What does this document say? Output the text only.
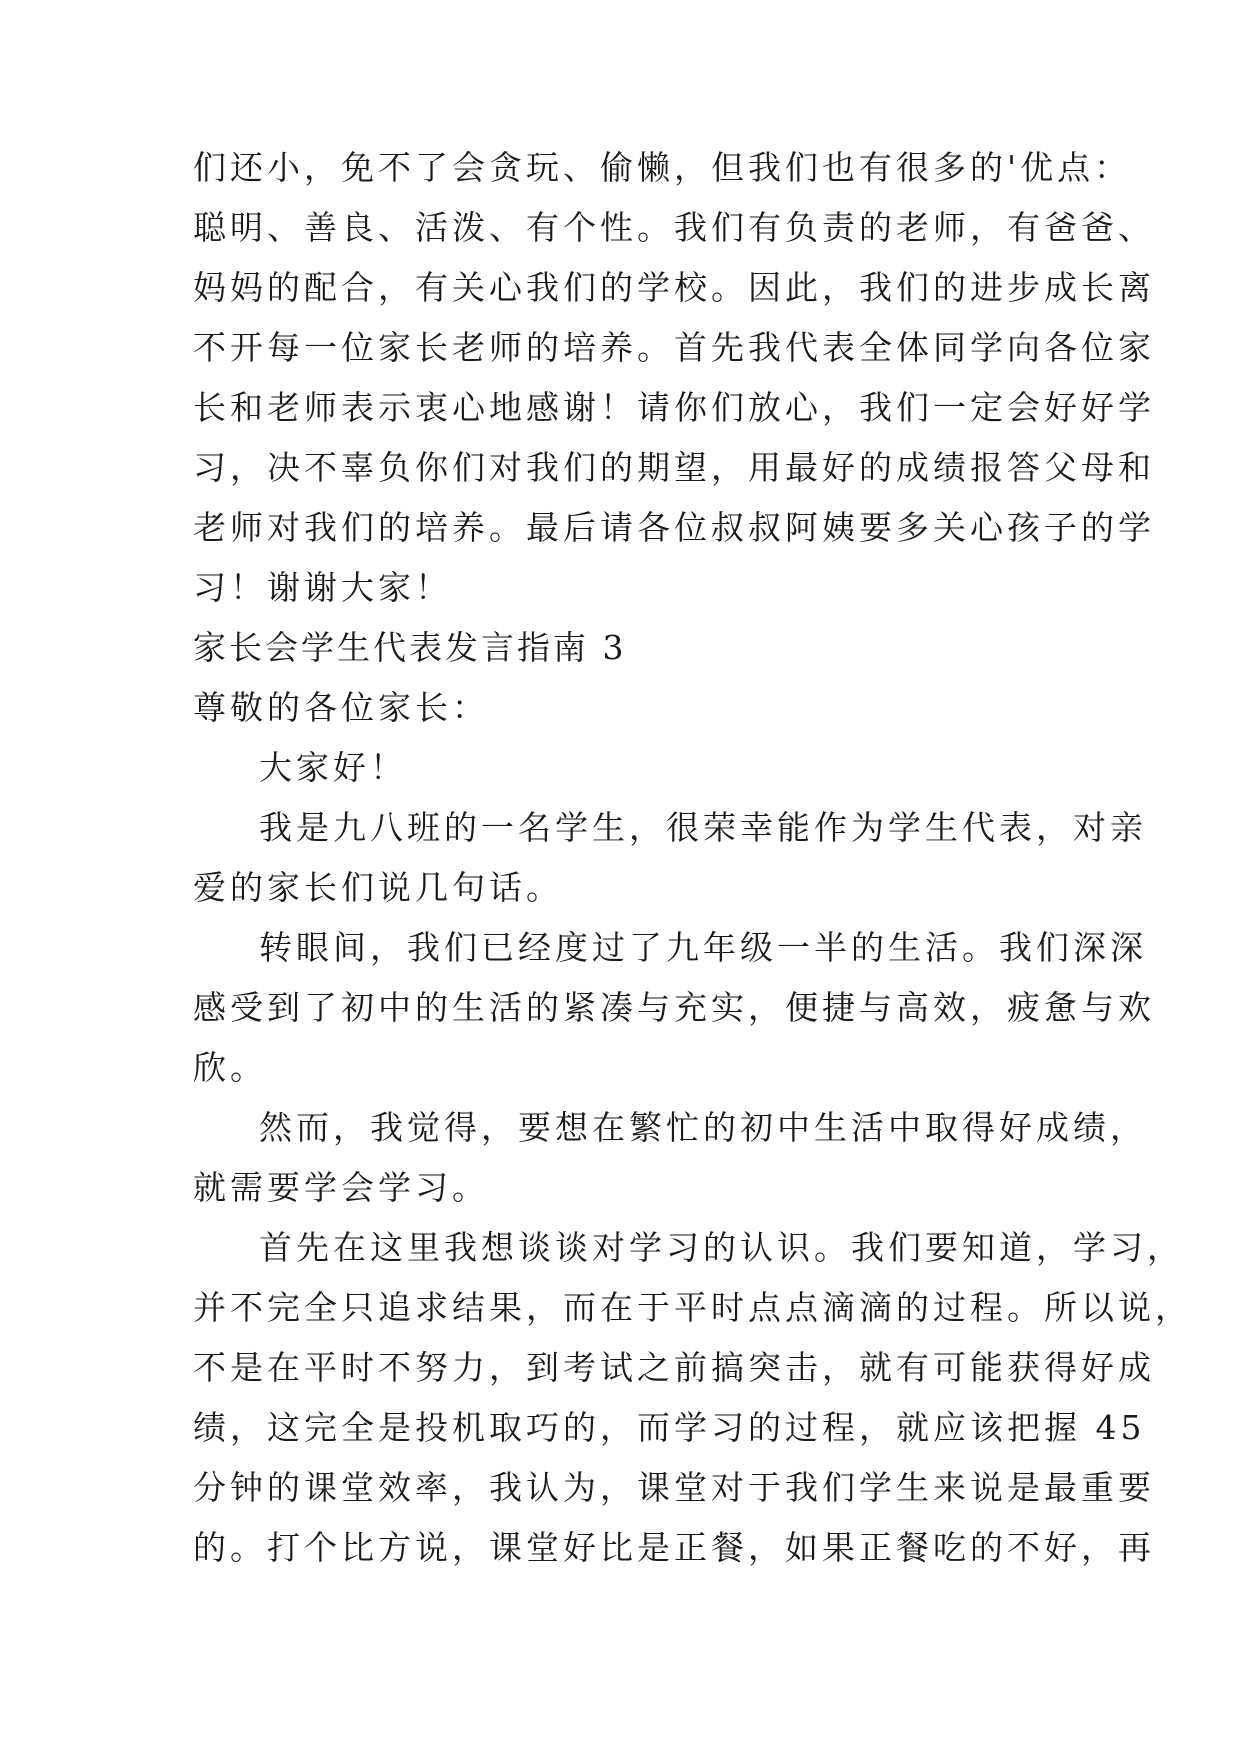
们还小，免不了会贪玩、偷懒，但我们也有很多的'优点：
聪明、善良、活泼、有个性。我们有负责的老师，有爸爸、
妈妈的配合，有关心我们的学校。因此，我们的进步成长离
不开每一位家长老师的培养。首先我代表全体同学向各位家
长和老师表示衷心地感谢！请你们放心，我们一定会好好学
习，决不辜负你们对我们的期望，用最好的成绩报答父母和
老师对我们的培养。最后请各位叔叔阿姨要多关心孩子的学
习！谢谢大家！
家长会学生代表发言指南 3
尊敬的各位家长：
大家好！
我是九八班的一名学生，很荣幸能作为学生代表，对亲
爱的家长们说几句话。
转眼间，我们已经度过了九年级一半的生活。我们深深
感受到了初中的生活的紧凑与充实，便捷与高效，疲惫与欢
欣。
然而，我觉得，要想在繁忙的初中生活中取得好成绩，
就需要学会学习。
首先在这里我想谈谈对学习的认识。我们要知道，学习，
并不完全只追求结果，而在于平时点点滴滴的过程。所以说，
不是在平时不努力，到考试之前搞突击，就有可能获得好成
绩，这完全是投机取巧的，而学习的过程，就应该把握 45
分钟的课堂效率，我认为，课堂对于我们学生来说是最重要
的。打个比方说，课堂好比是正餐，如果正餐吃的不好，再
